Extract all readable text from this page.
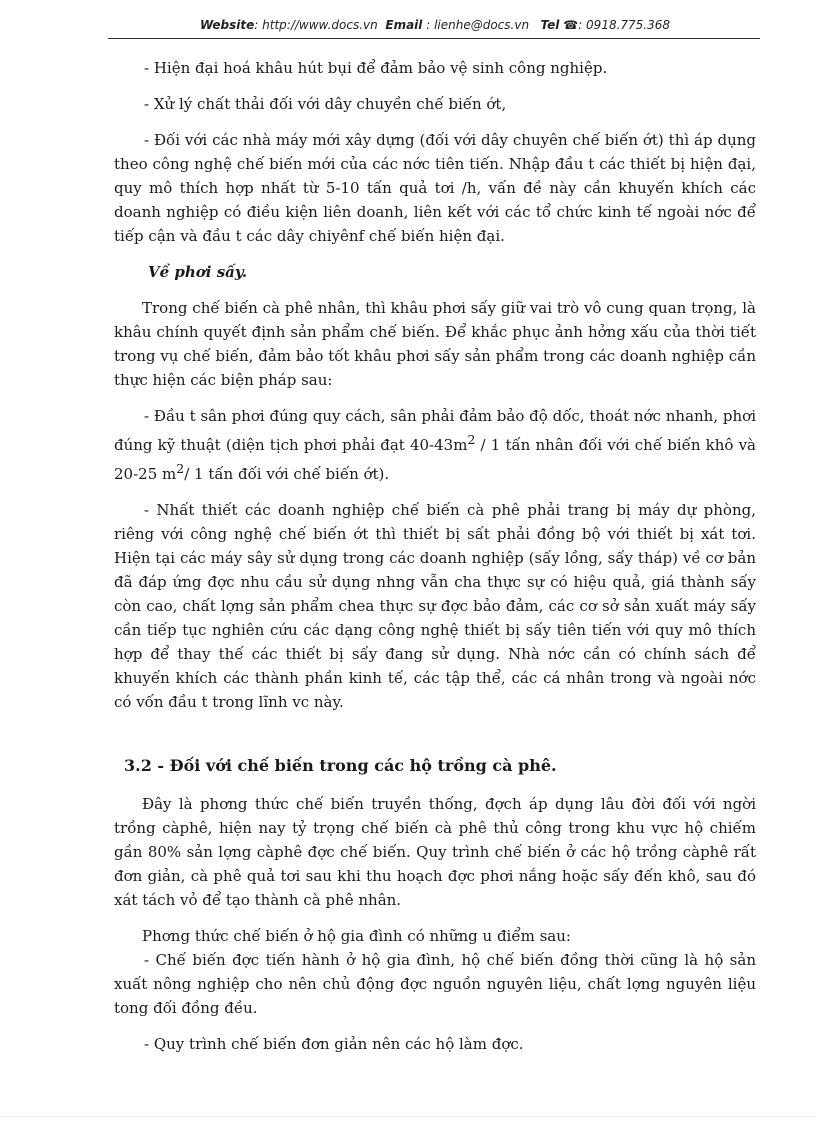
Website: http://www.docs.vn Email : lienhe@docs.vn Tel ☎: 0918.775.368

- Hiện đại hoá khâu hút bụi để đảm bảo vệ sinh công nghiệp.

- Xử lý chất thải đối với dây chuyền chế biến ớt,

- Đối với các nhà máy mới xây dựng (đối với dây chuyên chế biến ớt) thì áp dụng theo công nghệ chế biến mới của các nớc tiên tiến. Nhập đầu t các thiết bị hiện đại, quy mô thích hợp nhất từ 5-10 tấn quả tơi /h, vấn đề này cần khuyến khích các doanh nghiệp có điều kiện liên doanh, liên kết với các tổ chức kinh tế ngoài nớc để tiếp cận và đầu t các dây chiyênf chế biến hiện đại.

Về phơi sấy.

Trong chế biến cà phê nhân, thì khâu phơi sấy giữ vai trò vô cung quan trọng, là khâu chính quyết định sản phẩm chế biến. Để khắc phục ảnh hởng xấu của thời tiết trong vụ chế biến, đảm bảo tốt khâu phơi sấy sản phẩm trong các doanh nghiệp cần thực hiện các biện pháp sau:

- Đầu t sân phơi đúng quy cách, sân phải đảm bảo độ dốc, thoát nớc nhanh, phơi đúng kỹ thuật (diện tịch phơi phải đạt $40-43m^2 / 1$ tấn nhân đối với chế biến khô và 20-25 $m^2/$ 1 tấn đối với chế biến ớt).

- Nhất thiết các doanh nghiệp chế biến cà phê phải trang bị máy dự phòng, riêng với công nghệ chế biến ớt thì thiết bị sất phải đồng bộ với thiết bị xát tơi. Hiện tại các máy sây sử dụng trong các doanh nghiệp (sấy lồng, sấy tháp) về cơ bản đã đáp ứng đợc nhu cầu sử dụng nhng vẫn cha thực sự có hiệu quả, giá thành sấy còn cao, chất lợng sản phẩm chea thực sự đợc bảo đảm, các cơ sở sản xuất máy sấy cần tiếp tục nghiên cứu các dạng công nghệ thiết bị sấy tiên tiến với quy mô thích hợp để thay thế các thiết bị sấy đang sử dụng. Nhà nớc cần có chính sách để khuyến khích các thành phần kinh tế, các tập thể, các cá nhân trong và ngoài nớc có vốn đầu t trong lĩnh vc này.

3.2 - Đối với chế biến trong các hộ trồng cà phê.

Đây là phơng thức chế biến truyền thống, đợch áp dụng lâu đời đối với ngời trồng càphê, hiện nay tỷ trọng chế biến cà phê thủ công trong khu vực hộ chiếm gần 80% sản lợng càphê đợc chế biến. Quy trình chế biến ở các hộ trồng càphê rất đơn giản, cà phê quả tơi sau khi thu hoạch đợc phơi nắng hoặc sấy đến khô, sau đó xát tách vỏ để tạo thành cà phê nhân.

Phơng thức chế biến ở hộ gia đình có những u điểm sau:

- Chế biến đợc tiến hành ở hộ gia đình, hộ chế biến đồng thời cũng là hộ sản xuất nông nghiệp cho nên chủ động đợc nguồn nguyên liệu, chất lợng nguyên liệu tong đối đồng đều.

- Quy trình chế biến đơn giản nên các hộ làm đợc.
